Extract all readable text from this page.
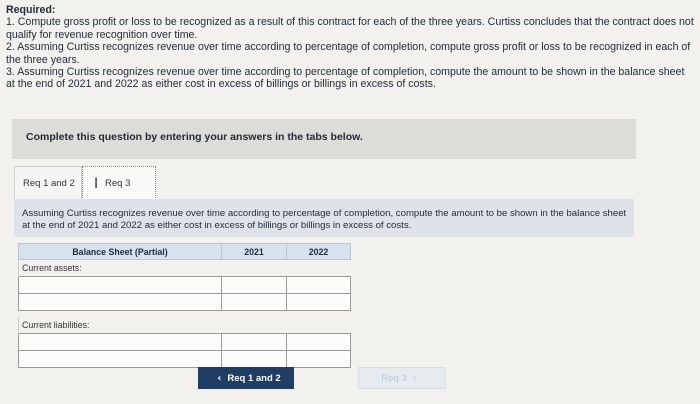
Required:
1. Compute gross profit or loss to be recognized as a result of this contract for each of the three years. Curtiss concludes that the contract does not qualify for revenue recognition over time.
2. Assuming Curtiss recognizes revenue over time according to percentage of completion, compute gross profit or loss to be recognized in each of the three years.
3. Assuming Curtiss recognizes revenue over time according to percentage of completion, compute the amount to be shown in the balance sheet at the end of 2021 and 2022 as either cost in excess of billings or billings in excess of costs.
Complete this question by entering your answers in the tabs below.
Req 1 and 2 I Req 3
Assuming Curtiss recognizes revenue over time according to percentage of completion, compute the amount to be shown in the balance sheet at the end of 2021 and 2022 as either cost in excess of billings or billings in excess of costs.
Balance Sheet (Partial)	2021	2022
Current assets:		

Current liabilities:		

‹ Req 1 and 2	Req 3 ›
